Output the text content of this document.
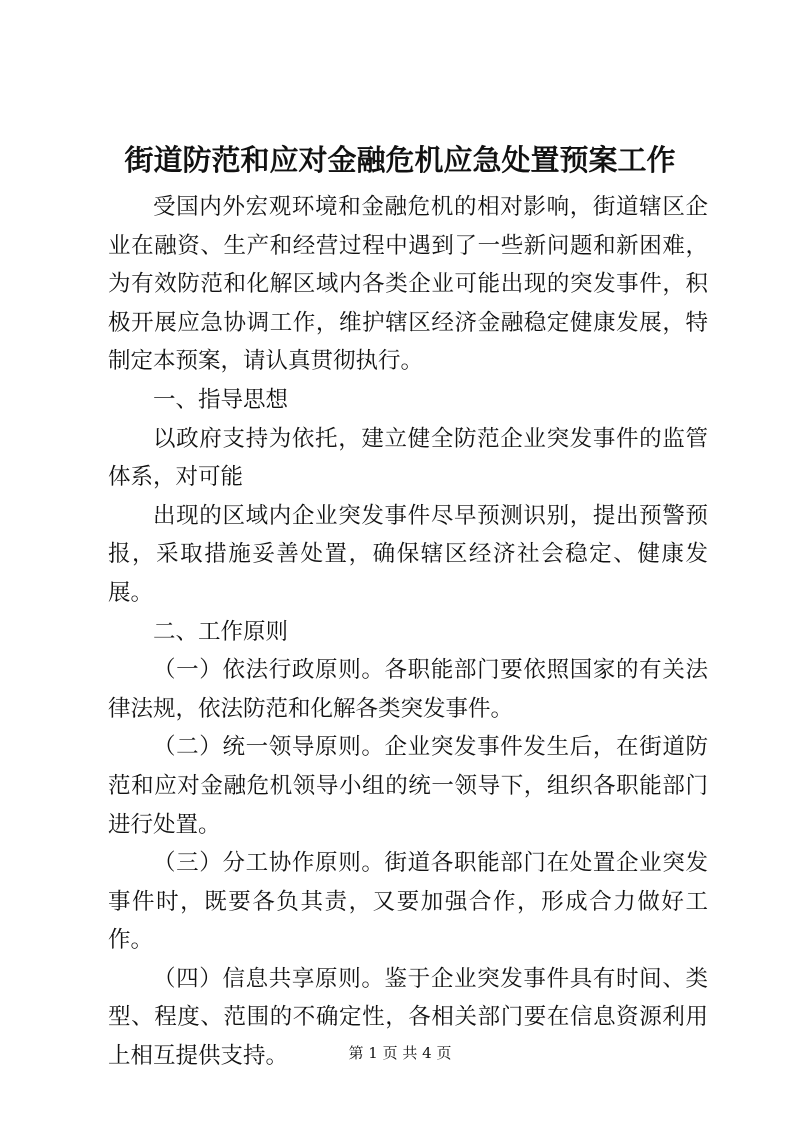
街道防范和应对金融危机应急处置预案工作

受国内外宏观环境和金融危机的相对影响，街道辖区企业在融资、生产和经营过程中遇到了一些新问题和新困难，为有效防范和化解区域内各类企业可能出现的突发事件，积极开展应急协调工作，维护辖区经济金融稳定健康发展，特制定本预案，请认真贯彻执行。

一、指导思想

以政府支持为依托，建立健全防范企业突发事件的监管体系，对可能

出现的区域内企业突发事件尽早预测识别，提出预警预报，采取措施妥善处置，确保辖区经济社会稳定、健康发展。

二、工作原则

（一）依法行政原则。各职能部门要依照国家的有关法律法规，依法防范和化解各类突发事件。

（二）统一领导原则。企业突发事件发生后，在街道防范和应对金融危机领导小组的统一领导下，组织各职能部门进行处置。

（三）分工协作原则。街道各职能部门在处置企业突发事件时，既要各负其责，又要加强合作，形成合力做好工作。

（四）信息共享原则。鉴于企业突发事件具有时间、类型、程度、范围的不确定性，各相关部门要在信息资源利用上相互提供支持。	第 1 页 共 4 页
